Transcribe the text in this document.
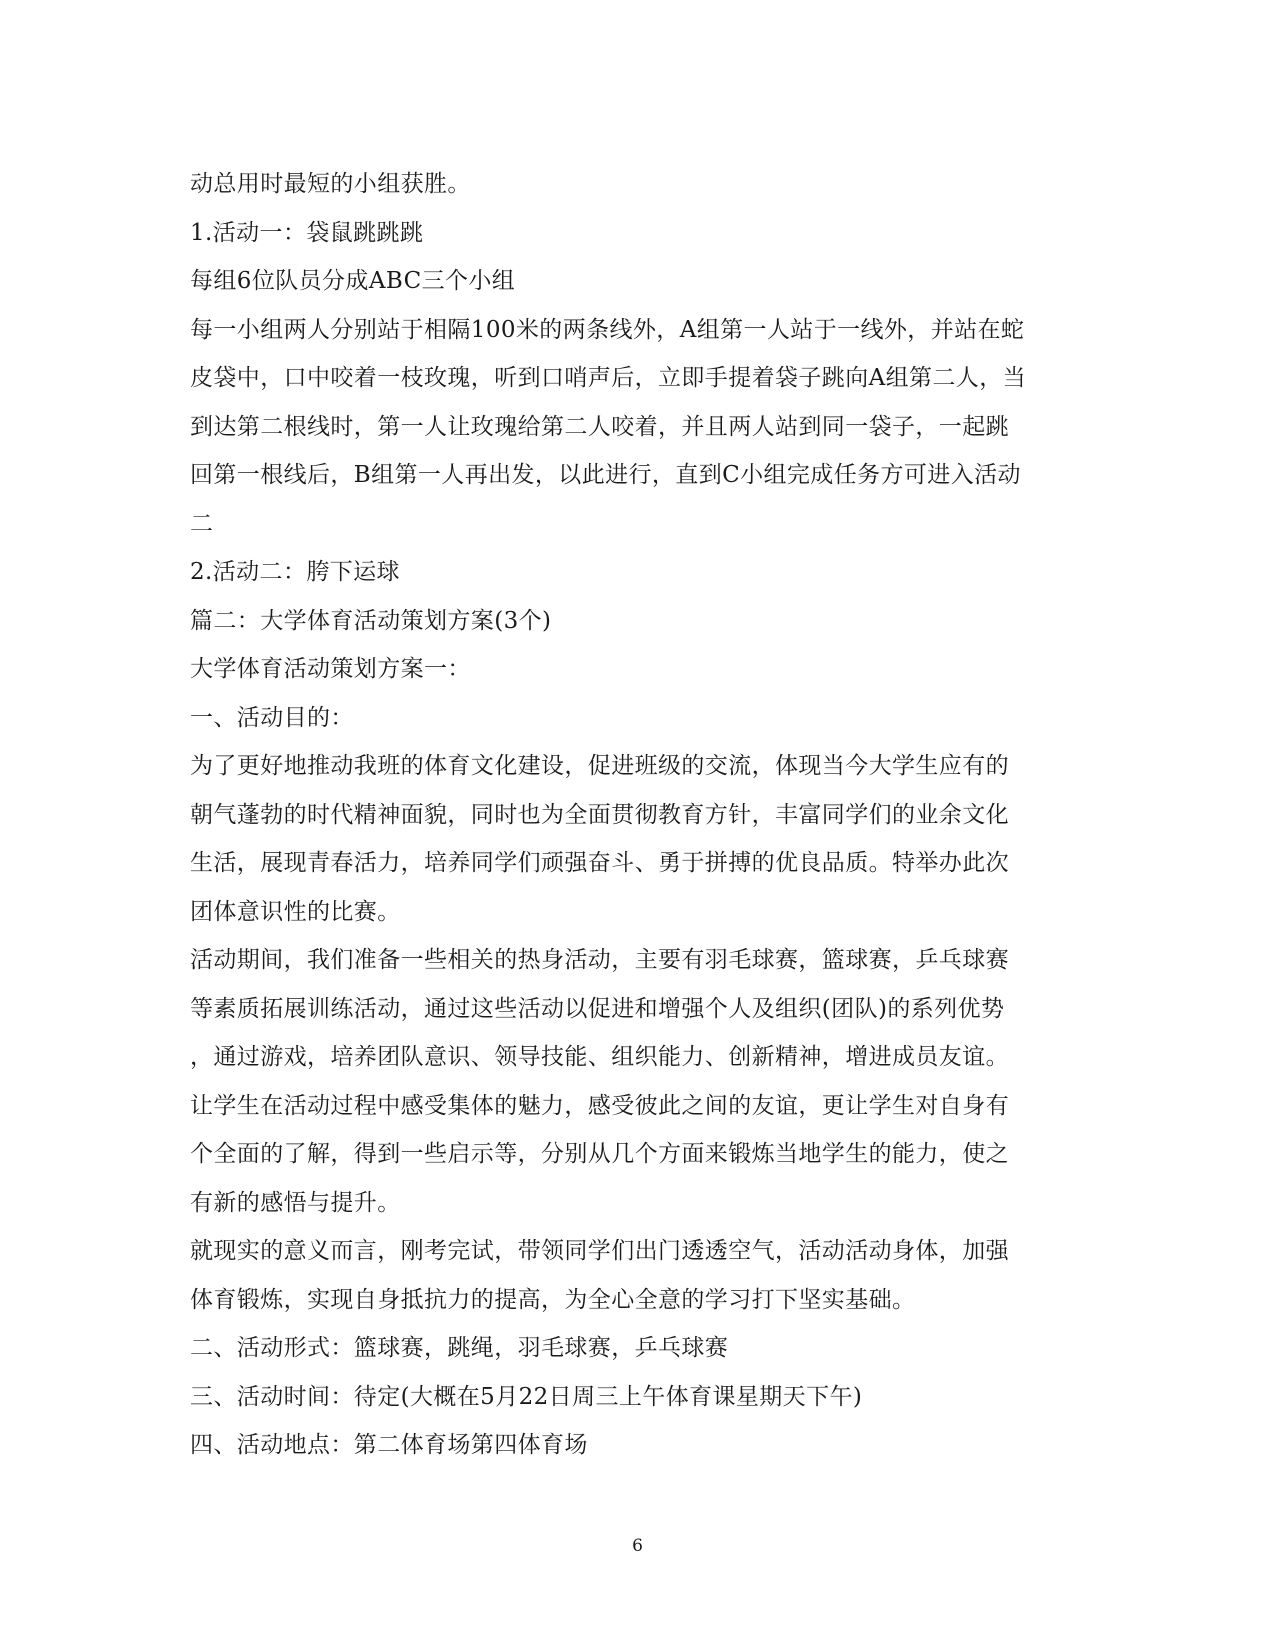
动总用时最短的小组获胜。
1.活动一：袋鼠跳跳跳
每组6位队员分成ABC三个小组
每一小组两人分别站于相隔100米的两条线外，A组第一人站于一线外，并站在蛇
皮袋中，口中咬着一枝玫瑰，听到口哨声后，立即手提着袋子跳向A组第二人，当
到达第二根线时，第一人让玫瑰给第二人咬着，并且两人站到同一袋子，一起跳
回第一根线后，B组第一人再出发，以此进行，直到C小组完成任务方可进入活动
二
2.活动二：胯下运球
篇二：大学体育活动策划方案(3个)
大学体育活动策划方案一：
一、活动目的：
为了更好地推动我班的体育文化建设，促进班级的交流，体现当今大学生应有的
朝气蓬勃的时代精神面貌，同时也为全面贯彻教育方针，丰富同学们的业余文化
生活，展现青春活力，培养同学们顽强奋斗、勇于拼搏的优良品质。特举办此次
团体意识性的比赛。
活动期间，我们准备一些相关的热身活动，主要有羽毛球赛，篮球赛，乒乓球赛
等素质拓展训练活动，通过这些活动以促进和增强个人及组织(团队)的系列优势
，通过游戏，培养团队意识、领导技能、组织能力、创新精神，增进成员友谊。
让学生在活动过程中感受集体的魅力，感受彼此之间的友谊，更让学生对自身有
个全面的了解，得到一些启示等，分别从几个方面来锻炼当地学生的能力，使之
有新的感悟与提升。
就现实的意义而言，刚考完试，带领同学们出门透透空气，活动活动身体，加强
体育锻炼，实现自身抵抗力的提高，为全心全意的学习打下坚实基础。
二、活动形式：篮球赛，跳绳，羽毛球赛，乒乓球赛
三、活动时间：待定(大概在5月22日周三上午体育课星期天下午)
四、活动地点：第二体育场第四体育场
6
